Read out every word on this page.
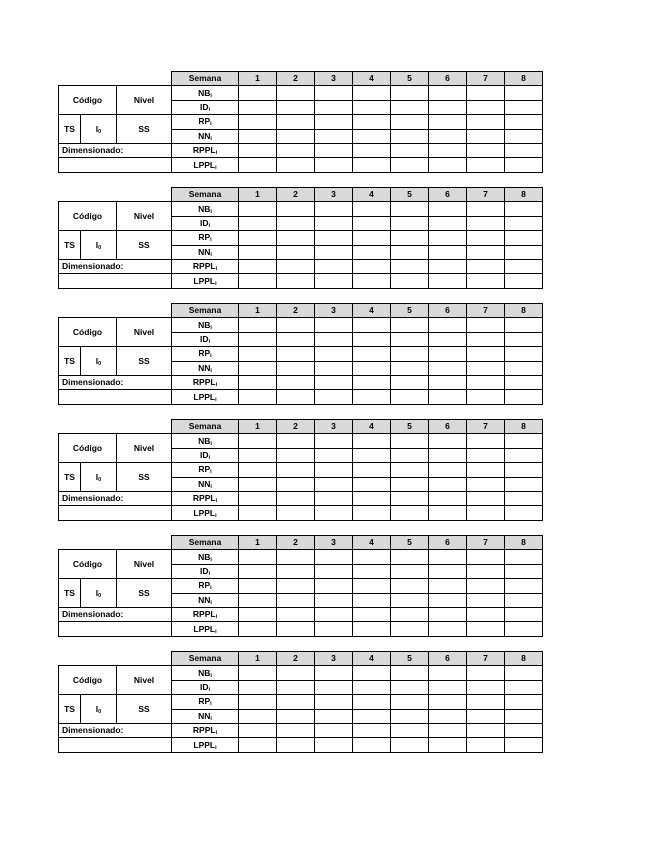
			Semana	1	2	3	4	5	6	7	8
Código		Nivel	$NB_i$								
			$ID_i$								
TS	$l_0$	SS	$RP_i$								
			$NN_i$								
Dimensionado:			$RPPL_i$								
			$LPPL_i$								
			Semana	1	2	3	4	5	6	7	8
Código		Nivel	$NB_i$								
			$ID_i$								
TS	$l_0$	SS	$RP_i$								
			$NN_i$								
Dimensionado:			$RPPL_i$								
			$LPPL_i$								
			Semana	1	2	3	4	5	6	7	8
Código		Nivel	$NB_i$								
			$ID_i$								
TS	$l_0$	SS	$RP_i$								
			$NN_i$								
Dimensionado:			$RPPL_i$								
			$LPPL_i$								
			Semana	1	2	3	4	5	6	7	8
Código		Nivel	$NB_i$								
			$ID_i$								
TS	$l_0$	SS	$RP_i$								
			$NN_i$								
Dimensionado:			$RPPL_i$								
			$LPPL_i$								
			Semana	1	2	3	4	5	6	7	8
Código		Nivel	$NB_i$								
			$ID_i$								
TS	$l_0$	SS	$RP_i$								
			$NN_i$								
Dimensionado:			$RPPL_i$								
			$LPPL_i$								
			Semana	1	2	3	4	5	6	7	8
Código		Nivel	$NB_i$								
			$ID_i$								
TS	$l_0$	SS	$RP_i$								
			$NN_i$								
Dimensionado:			$RPPL_i$								
			$LPPL_i$								
